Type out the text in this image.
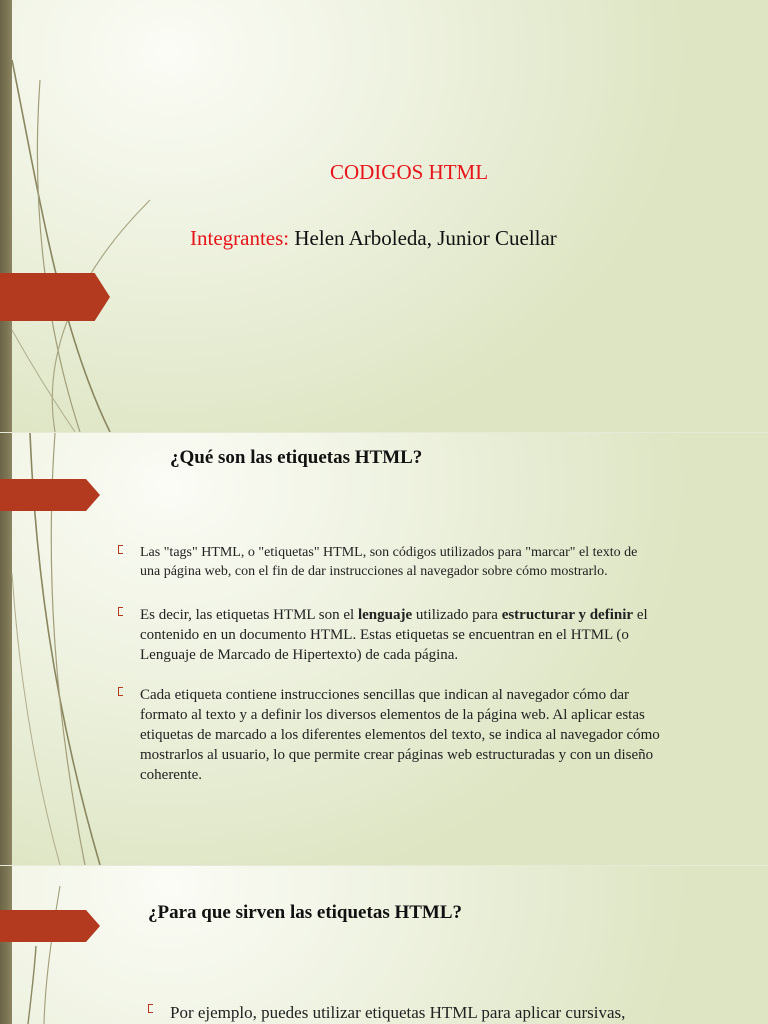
CODIGOS HTML
Integrantes: Helen Arboleda, Junior Cuellar
¿Qué son las etiquetas HTML?
Las "tags" HTML, o "etiquetas" HTML, son códigos utilizados para "marcar" el texto de una página web, con el fin de dar instrucciones al navegador sobre cómo mostrarlo.
Es decir, las etiquetas HTML son el lenguaje utilizado para estructurar y definir el contenido en un documento HTML. Estas etiquetas se encuentran en el HTML (o Lenguaje de Marcado de Hipertexto) de cada página.
Cada etiqueta contiene instrucciones sencillas que indican al navegador cómo dar formato al texto y a definir los diversos elementos de la página web. Al aplicar estas etiquetas de marcado a los diferentes elementos del texto, se indica al navegador cómo mostrarlos al usuario, lo que permite crear páginas web estructuradas y con un diseño coherente.
¿Para que sirven las etiquetas HTML?
Por ejemplo, puedes utilizar etiquetas HTML para aplicar cursivas,
